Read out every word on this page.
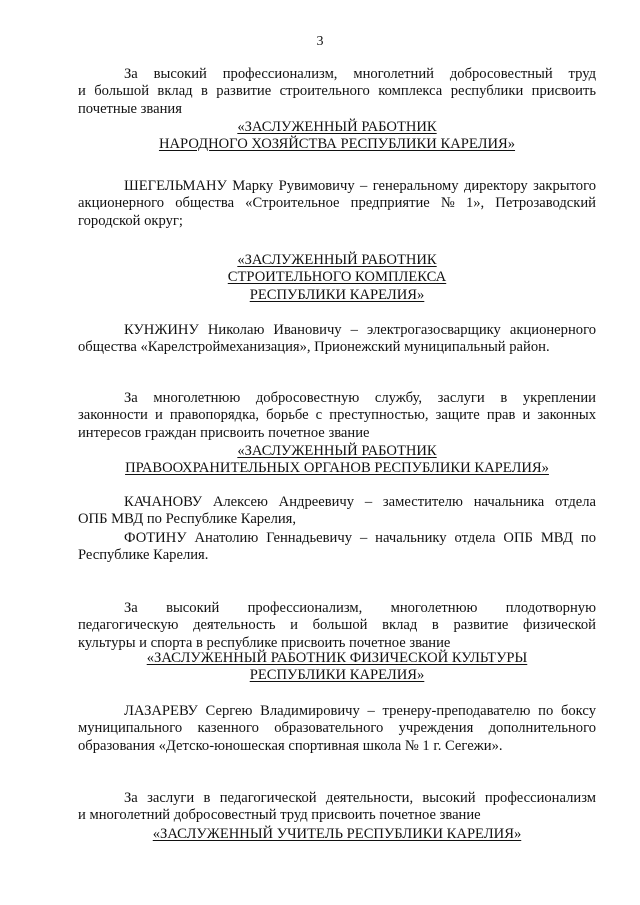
3
За высокий профессионализм, многолетний добросовестный труд
и большой вклад в развитие строительного комплекса республики присвоить
почетные звания
«ЗАСЛУЖЕННЫЙ РАБОТНИК
НАРОДНОГО ХОЗЯЙСТВА РЕСПУБЛИКИ КАРЕЛИЯ»
ШЕГЕЛЬМАНУ Марку Рувимовичу – генеральному директору закрытого
акционерного общества «Строительное предприятие № 1», Петрозаводский
городской округ;
«ЗАСЛУЖЕННЫЙ РАБОТНИК
СТРОИТЕЛЬНОГО КОМПЛЕКСА
РЕСПУБЛИКИ КАРЕЛИЯ»
КУНЖИНУ Николаю Ивановичу – электрогазосварщику акционерного
общества «Карелстроймеханизация», Прионежский муниципальный район.
За многолетнюю добросовестную службу, заслуги в укреплении
законности и правопорядка, борьбе с преступностью, защите прав и законных
интересов граждан присвоить почетное звание
«ЗАСЛУЖЕННЫЙ РАБОТНИК
ПРАВООХРАНИТЕЛЬНЫХ ОРГАНОВ РЕСПУБЛИКИ КАРЕЛИЯ»
КАЧАНОВУ Алексею Андреевичу – заместителю начальника отдела
ОПБ МВД по Республике Карелия,
ФОТИНУ Анатолию Геннадьевичу – начальнику отдела ОПБ МВД по
Республике Карелия.
За высокий профессионализм, многолетнюю плодотворную
педагогическую деятельность и большой вклад в развитие физической
культуры и спорта в республике присвоить почетное звание
«ЗАСЛУЖЕННЫЙ РАБОТНИК ФИЗИЧЕСКОЙ КУЛЬТУРЫ
РЕСПУБЛИКИ КАРЕЛИЯ»
ЛАЗАРЕВУ Сергею Владимировичу – тренеру-преподавателю по боксу
муниципального казенного образовательного учреждения дополнительного
образования «Детско-юношеская спортивная школа № 1 г. Сегежи».
За заслуги в педагогической деятельности, высокий профессионализм
и многолетний добросовестный труд присвоить почетное звание
«ЗАСЛУЖЕННЫЙ УЧИТЕЛЬ РЕСПУБЛИКИ КАРЕЛИЯ»
